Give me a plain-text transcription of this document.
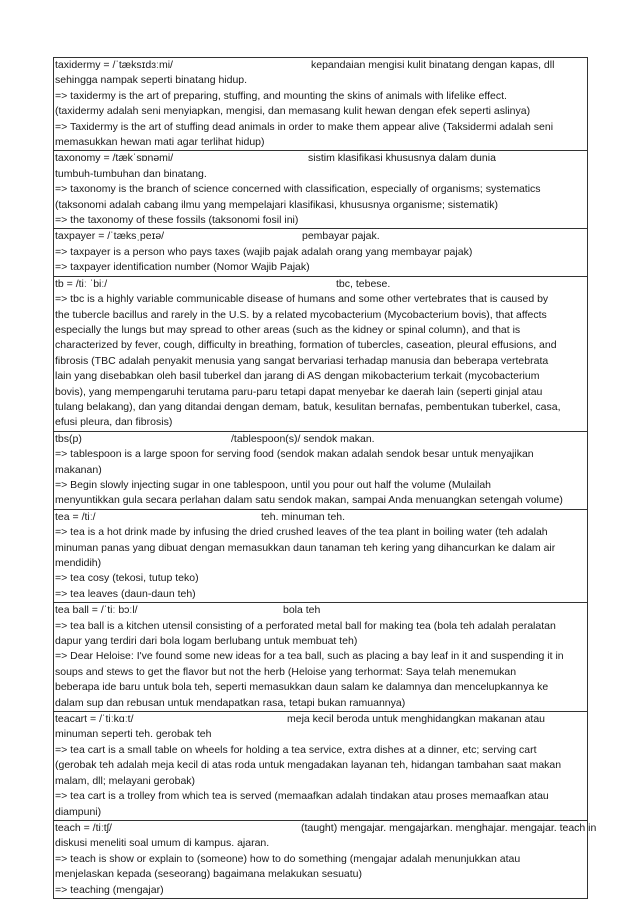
taxidermy = /ˈtæksɪdɜːmi/	kepandaian mengisi kulit binatang dengan kapas, dll
sehingga nampak seperti binatang hidup.
=> taxidermy is the art of preparing, stuffing, and mounting the skins of animals with lifelike effect.
(taxidermy adalah seni menyiapkan, mengisi, dan memasang kulit hewan dengan efek seperti aslinya)
=> Taxidermy is the art of stuffing dead animals in order to make them appear alive (Taksidermi adalah seni
memasukkan hewan mati agar terlihat hidup)
taxonomy = /tækˈsɒnəmi/	sistim klasifikasi khususnya dalam dunia
tumbuh-tumbuhan dan binatang.
=> taxonomy is the branch of science concerned with classification, especially of organisms; systematics
(taksonomi adalah cabang ilmu yang mempelajari klasifikasi, khususnya organisme; sistematik)
=> the taxonomy of these fossils (taksonomi fosil ini)
taxpayer = /ˈtæksˌpeɪə/	pembayar pajak.
=> taxpayer is a person who pays taxes (wajib pajak adalah orang yang membayar pajak)
=> taxpayer identification number (Nomor Wajib Pajak)
tb = /tiː ˈbiː/	tbc, tebese.
=> tbc is a highly variable communicable disease of humans and some other vertebrates that is caused by
the tubercle bacillus and rarely in the U.S. by a related mycobacterium (Mycobacterium bovis), that affects
especially the lungs but may spread to other areas (such as the kidney or spinal column), and that is
characterized by fever, cough, difficulty in breathing, formation of tubercles, caseation, pleural effusions, and
fibrosis (TBC adalah penyakit menusia yang sangat bervariasi terhadap manusia dan beberapa vertebrata
lain yang disebabkan oleh basil tuberkel dan jarang di AS dengan mikobacterium terkait (mycobacterium
bovis), yang mempengaruhi terutama paru-paru tetapi dapat menyebar ke daerah lain (seperti ginjal atau
tulang belakang), dan yang ditandai dengan demam, batuk, kesulitan bernafas, pembentukan tuberkel, casa,
efusi pleura, dan fibrosis)
tbs(p)	/tablespoon(s)/ sendok makan.
=> tablespoon is a large spoon for serving food (sendok makan adalah sendok besar untuk menyajikan
makanan)
=> Begin slowly injecting sugar in one tablespoon, until you pour out half the volume (Mulailah
menyuntikkan gula secara perlahan dalam satu sendok makan, sampai Anda menuangkan setengah volume)
tea = /tiː/	teh. minuman teh.
=> tea is a hot drink made by infusing the dried crushed leaves of the tea plant in boiling water (teh adalah
minuman panas yang dibuat dengan memasukkan daun tanaman teh kering yang dihancurkan ke dalam air
mendidih)
=> tea cosy (tekosi, tutup teko)
=> tea leaves (daun-daun teh)
tea ball = /ˈtiː bɔːl/	bola teh
=> tea ball is a kitchen utensil consisting of a perforated metal ball for making tea (bola teh adalah peralatan
dapur yang terdiri dari bola logam berlubang untuk membuat teh)
=> Dear Heloise: I've found some new ideas for a tea ball, such as placing a bay leaf in it and suspending it in
soups and stews to get the flavor but not the herb (Heloise yang terhormat: Saya telah menemukan
beberapa ide baru untuk bola teh, seperti memasukkan daun salam ke dalamnya dan mencelupkannya ke
dalam sup dan rebusan untuk mendapatkan rasa, tetapi bukan ramuannya)
teacart = /ˈtiːkɑːt/	meja kecil beroda untuk menghidangkan makanan atau
minuman seperti teh. gerobak teh
=> tea cart is a small table on wheels for holding a tea service, extra dishes at a dinner, etc; serving cart
(gerobak teh adalah meja kecil di atas roda untuk mengadakan layanan teh, hidangan tambahan saat makan
malam, dll; melayani gerobak)
=> tea cart is a trolley from which tea is served (memaafkan adalah tindakan atau proses memaafkan atau
diampuni)
teach = /tiːtʃ/	(taught) mengajar. mengajarkan. menghajar. mengajar. teach in
diskusi meneliti soal umum di kampus. ajaran.
=> teach is show or explain to (someone) how to do something (mengajar adalah menunjukkan atau
menjelaskan kepada (seseorang) bagaimana melakukan sesuatu)
=> teaching (mengajar)
